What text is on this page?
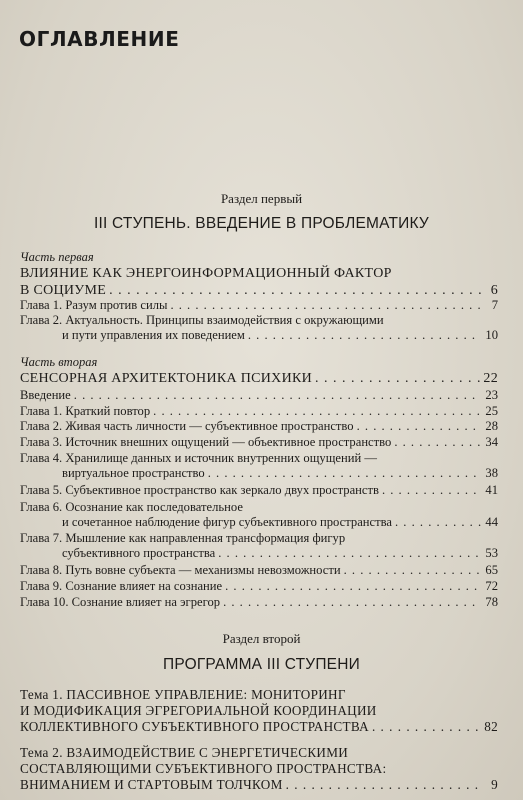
ОГЛАВЛЕНИЕ
Раздел первый
III СТУПЕНЬ. ВВЕДЕНИЕ В ПРОБЛЕМАТИКУ
Часть первая
ВЛИЯНИЕ КАК ЭНЕРГОИНФОРМАЦИОННЫЙ ФАКТОР
В СОЦИУМЕ . . .	6
Глава 1. Разум против силы . . .	7
Глава 2. Актуальность. Принципы взаимодействия с окружающими
и пути управления их поведением . . .	10
Часть вторая
СЕНСОРНАЯ АРХИТЕКТОНИКА ПСИХИКИ . . .	22
Введение . . .	23
Глава 1. Краткий повтор . . .	25
Глава 2. Живая часть личности — субъективное пространство . . .	28
Глава 3. Источник внешних ощущений — объективное пространство . . .	34
Глава 4. Хранилище данных и источник внутренних ощущений —
виртуальное пространство . . .	38
Глава 5. Субъективное пространство как зеркало двух пространств . . .	41
Глава 6. Осознание как последовательное
и сочетанное наблюдение фигур субъективного пространства . . .	44
Глава 7. Мышление как направленная трансформация фигур
субъективного пространства . . .	53
Глава 8. Путь вовне субъекта — механизмы невозможности . . .	65
Глава 9. Сознание влияет на сознание . . .	72
Глава 10. Сознание влияет на эгрегор . . .	78
Раздел второй
ПРОГРАММА III СТУПЕНИ
Тема 1. ПАССИВНОЕ УПРАВЛЕНИЕ: МОНИТОРИНГ
И МОДИФИКАЦИЯ ЭГРЕГОРИАЛЬНОЙ КООРДИНАЦИИ
КОЛЛЕКТИВНОГО СУБЪЕКТИВНОГО ПРОСТРАНСТВА . . .	82
Тема 2. ВЗАИМОДЕЙСТВИЕ С ЭНЕРГЕТИЧЕСКИМИ
СОСТАВЛЯЮЩИМИ СУБЪЕКТИВНОГО ПРОСТРАНСТВА:
ВНИМАНИЕМ И СТАРТОВЫМ ТОЛЧКОМ . . .	9
